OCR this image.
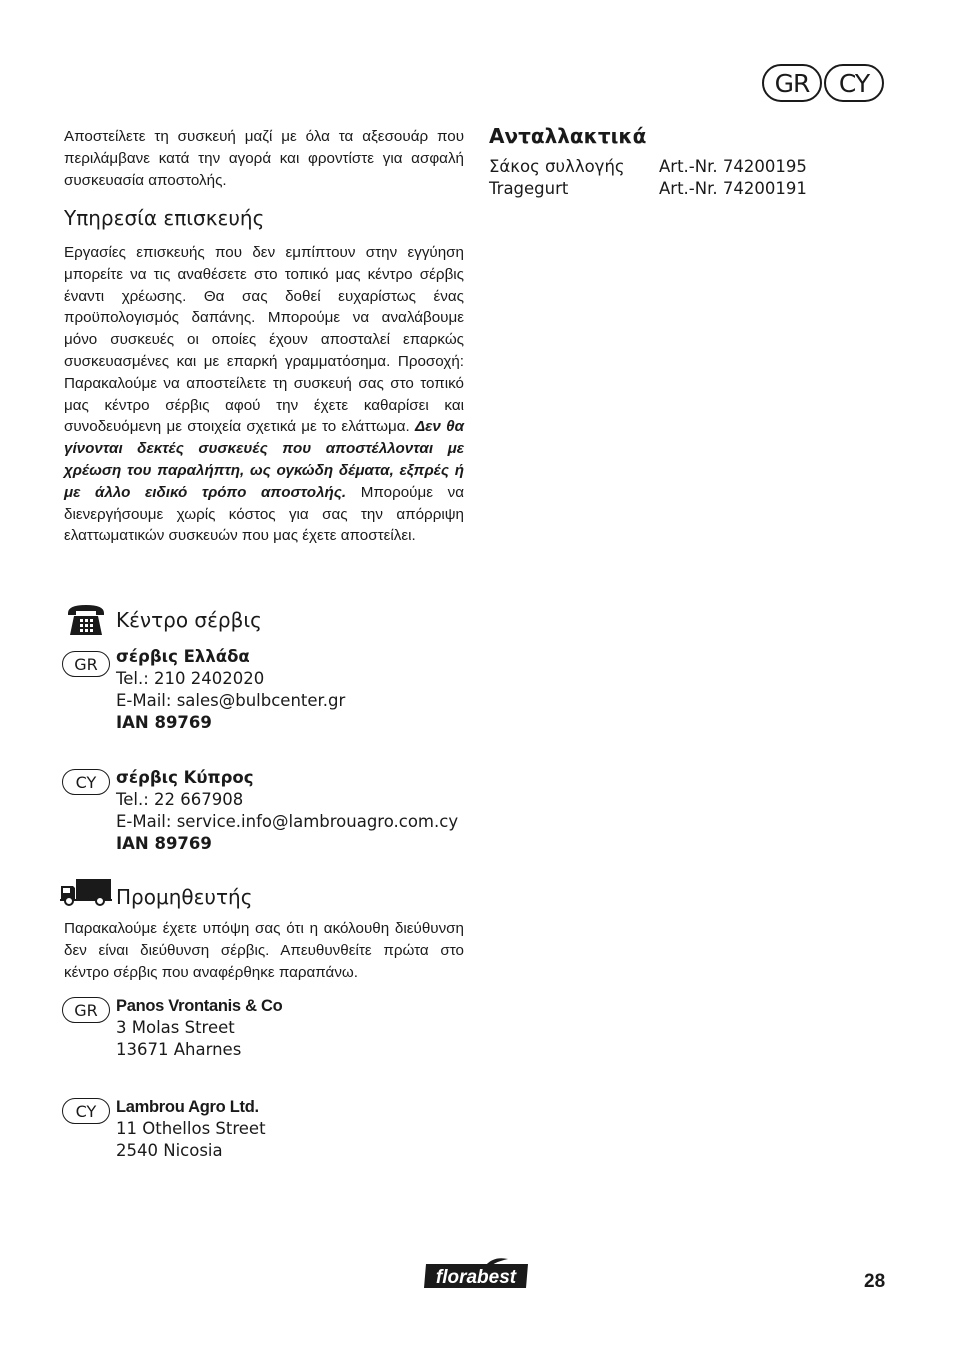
GR	CY

Αποστείλετε τη συσκευή μαζί με όλα τα αξεσουάρ που περιλάμβανε κατά την αγορά και φροντίστε για ασφαλή συσκευασία αποστολής.

Υπηρεσία επισκευής

Εργασίες επισκευής που δεν εμπίπτουν στην εγγύηση μπορείτε να τις αναθέσετε στο τοπικό μας κέντρο σέρβις έναντι χρέωσης. Θα σας δοθεί ευχαρίστως ένας προϋπολογισμός δαπάνης. Μπορούμε να αναλάβουμε μόνο συσκευές οι οποίες έχουν αποσταλεί επαρκώς συσκευασμένες και με επαρκή γραμματόσημα. Προσοχή: Παρακαλούμε να αποστείλετε τη συσκευή σας στο τοπικό μας κέντρο σέρβις αφού την έχετε καθαρίσει και συνοδευόμενη με στοιχεία σχετικά με το ελάττωμα. Δεν θα γίνονται δεκτές συσκευές που αποστέλλονται με χρέωση του παραλήπτη, ως ογκώδη δέματα, εξπρές ή με άλλο ειδικό τρόπο αποστολής. Μπορούμε να διενεργήσουμε χωρίς κόστος για σας την απόρριψη ελαττωματικών συσκευών που μας έχετε αποστείλει.

Κέντρο σέρβις
GR	σέρβις Ελλάδα
Tel.: 210 2402020
E-Mail: sales@bulbcenter.gr
IAN 89769
CY	σέρβις Κύπρος
Tel.: 22 667908
E-Mail: service.info@lambrouagro.com.cy
IAN 89769
Προμηθευτής

Παρακαλούμε έχετε υπόψη σας ότι η ακόλουθη διεύθυνση δεν είναι διεύθυνση σέρβις. Απευθυνθείτε πρώτα στο κέντρο σέρβις που αναφέρθηκε παραπάνω.

GR	Panos Vrontanis & Co
3 Molas Street
13671 Aharnes
CY	Lambrou Agro Ltd.
11 Othellos Street
2540 Nicosia
Ανταλλακτικά
Σάκος συλλογής	Art.-Nr. 74200195
Tragegurt	Art.-Nr. 74200191
florabest	28
